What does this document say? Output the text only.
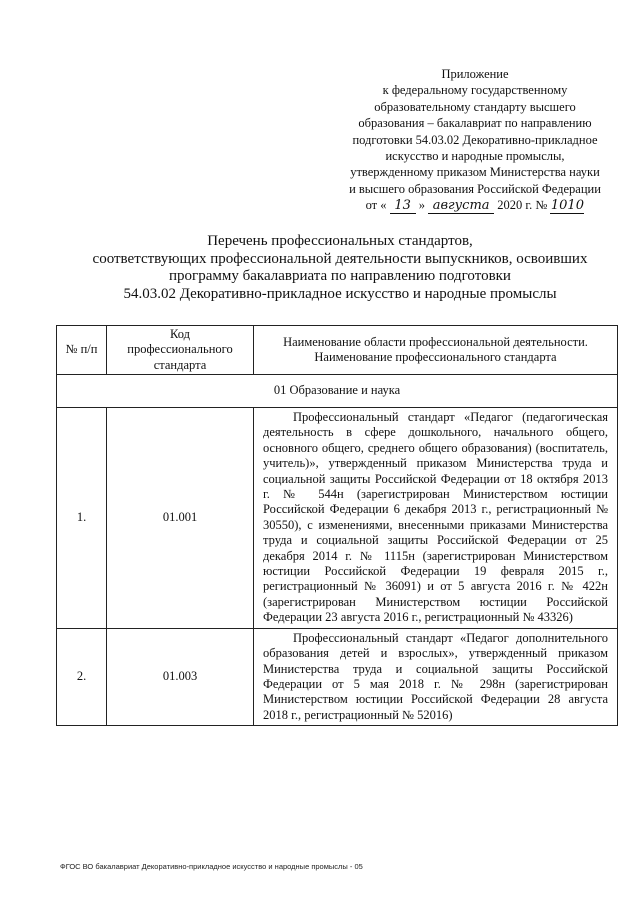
Приложение
к федеральному государственному
образовательному стандарту высшего
образования – бакалавриат по направлению
подготовки 54.03.02 Декоративно-прикладное
искусство и народные промыслы,
утвержденному приказом Министерства науки
и высшего образования Российской Федерации
от « 13 » августа 2020 г. № 1010
Перечень профессиональных стандартов,
соответствующих профессиональной деятельности выпускников, освоивших
программу бакалавриата по направлению подготовки
54.03.02 Декоративно-прикладное искусство и народные промыслы
№ п/п	Код профессионального стандарта	Наименование области профессиональной деятельности. Наименование профессионального стандарта
01 Образование и наука		
1.	01.001	Профессиональный стандарт «Педагог (педагогическая деятельность в сфере дошкольного, начального общего, основного общего, среднего общего образования) (воспитатель, учитель)», утвержденный приказом Министерства труда и социальной защиты Российской Федерации от 18 октября 2013 г. № 544н (зарегистрирован Министерством юстиции Российской Федерации 6 декабря 2013 г., регистрационный № 30550), с изменениями, внесенными приказами Министерства труда и социальной защиты Российской Федерации от 25 декабря 2014 г. № 1115н (зарегистрирован Министерством юстиции Российской Федерации 19 февраля 2015 г., регистрационный № 36091) и от 5 августа 2016 г. № 422н (зарегистрирован Министерством юстиции Российской Федерации 23 августа 2016 г., регистрационный № 43326)

2.	01.003	Профессиональный стандарт «Педагог дополнительного образования детей и взрослых», утвержденный приказом Министерства труда и социальной защиты Российской Федерации от 5 мая 2018 г. № 298н (зарегистрирован Министерством юстиции Российской Федерации 28 августа 2018 г., регистрационный № 52016)
ФГОС ВО бакалавриат Декоративно-прикладное искусство и народные промыслы - 05
